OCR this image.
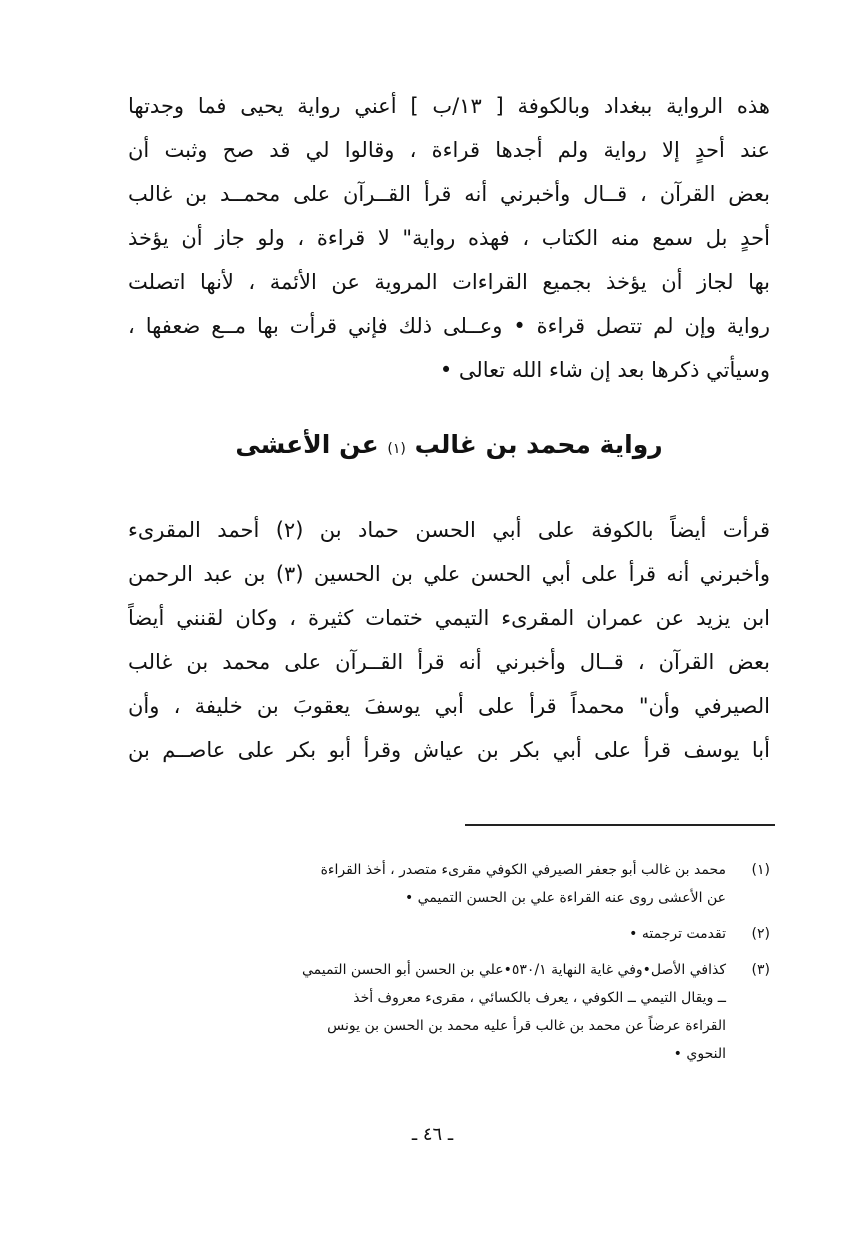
هذه الرواية ببغداد وبالكوفة [ ١٣/ب ] أعني رواية يحيى فما وجدتها
عند أحدٍ إلا رواية ولم أجدها قراءة ، وقالوا لي قد صح وثبت أن
بعض القرآن ، قــال وأخبرني أنه قرأ القــرآن على محمــد بن غالب
أحدٍ بل سمع منه الكتاب ، فهذه رواية" لا قراءة ، ولو جاز أن يؤخذ
بها لجاز أن يؤخذ بجميع القراءات المروية عن الأئمة ، لأنها اتصلت
رواية وإن لم تتصل قراءة • وعــلى ذلك فإني قرأت بها مــع ضعفها ،
وسيأتي ذكرها بعد إن شاء الله تعالى •
رواية محمد بن غالب (١) عن الأعشى
قرأت أيضاً بالكوفة على أبي الحسن حماد بن (٢) أحمد المقرىء
وأخبرني أنه قرأ على أبي الحسن علي بن الحسين (٣) بن عبد الرحمن
ابن يزيد عن عمران المقرىء التيمي ختمات كثيرة ، وكان لقنني أيضاً
بعض القرآن ، قــال وأخبرني أنه قرأ القــرآن على محمد بن غالب
الصيرفي وأن" محمداً قرأ على أبي يوسفَ يعقوبَ بن خليفة ، وأن
أبا يوسف قرأ على أبي بكر بن عياش وقرأ أبو بكر على عاصــم بن
(١)
محمد بن غالب أبو جعفر الصيرفي الكوفي مقرىء متصدر ، أخذ القراءة
عن الأعشى روى عنه القراءة علي بن الحسن التميمي •
(٢)
تقدمت ترجمته •
(٣)
كذافي الأصل•وفي غاية النهاية ٥٣٠/١•علي بن الحسن أبو الحسن التميمي
ــ ويقال التيمي ــ الكوفي ، يعرف بالكسائي ، مقرىء معروف أخذ
القراءة عرضاً عن محمد بن غالب قرأ عليه محمد بن الحسن بن يونس
النحوي •
ـ ٤٦ ـ
